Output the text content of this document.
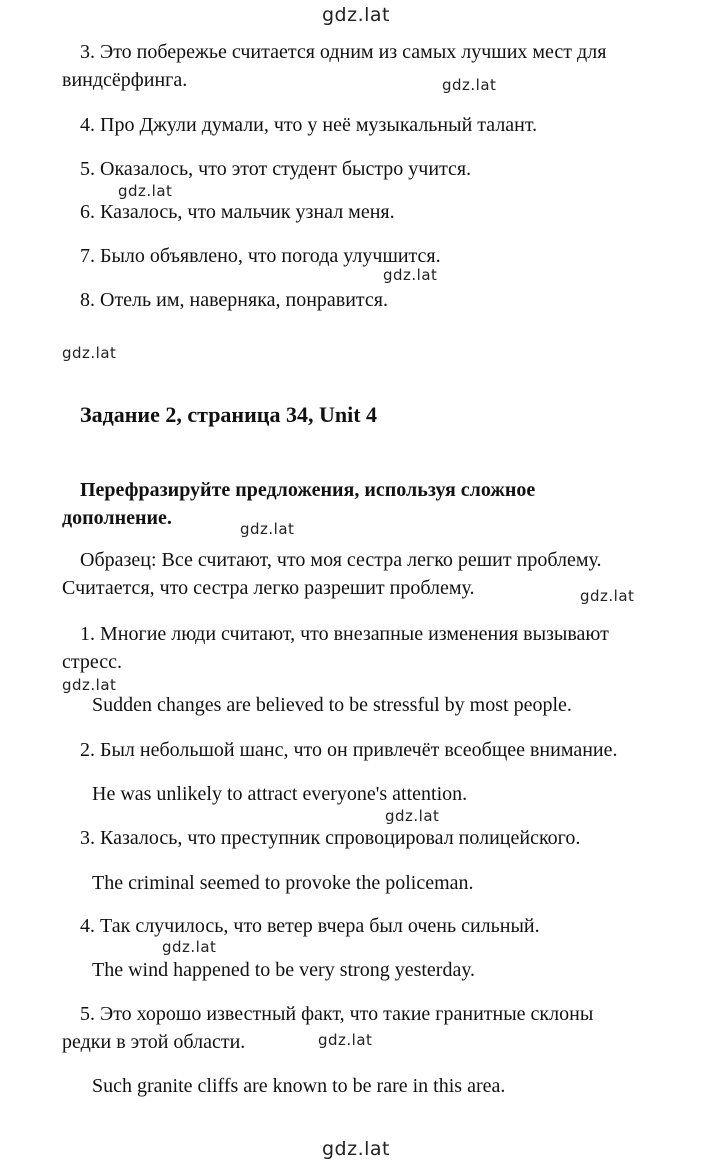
gdz.lat
gdz.lat
gdz.lat
gdz.lat
gdz.lat
gdz.lat
gdz.lat
gdz.lat
gdz.lat
gdz.lat
gdz.lat
gdz.lat
3. Это побережье считается одним из самых лучших мест для
виндсёрфинга.
4. Про Джули думали, что у неё музыкальный талант.
5. Оказалось, что этот студент быстро учится.
6. Казалось, что мальчик узнал меня.
7. Было объявлено, что погода улучшится.
8. Отель им, наверняка, понравится.
Задание 2, страница 34, Unit 4
Перефразируйте предложения, используя сложное
дополнение.
Образец: Все считают, что моя сестра легко решит проблему.
Считается, что сестра легко разрешит проблему.
1. Многие люди считают, что внезапные изменения вызывают
стресс.
Sudden changes are believed to be stressful by most people.
2. Был небольшой шанс, что он привлечёт всеобщее внимание.
He was unlikely to attract everyone's attention.
3. Казалось, что преступник спровоцировал полицейского.
The criminal seemed to provoke the policeman.
4. Так случилось, что ветер вчера был очень сильный.
The wind happened to be very strong yesterday.
5. Это хорошо известный факт, что такие гранитные склоны
редки в этой области.
Such granite cliffs are known to be rare in this area.
